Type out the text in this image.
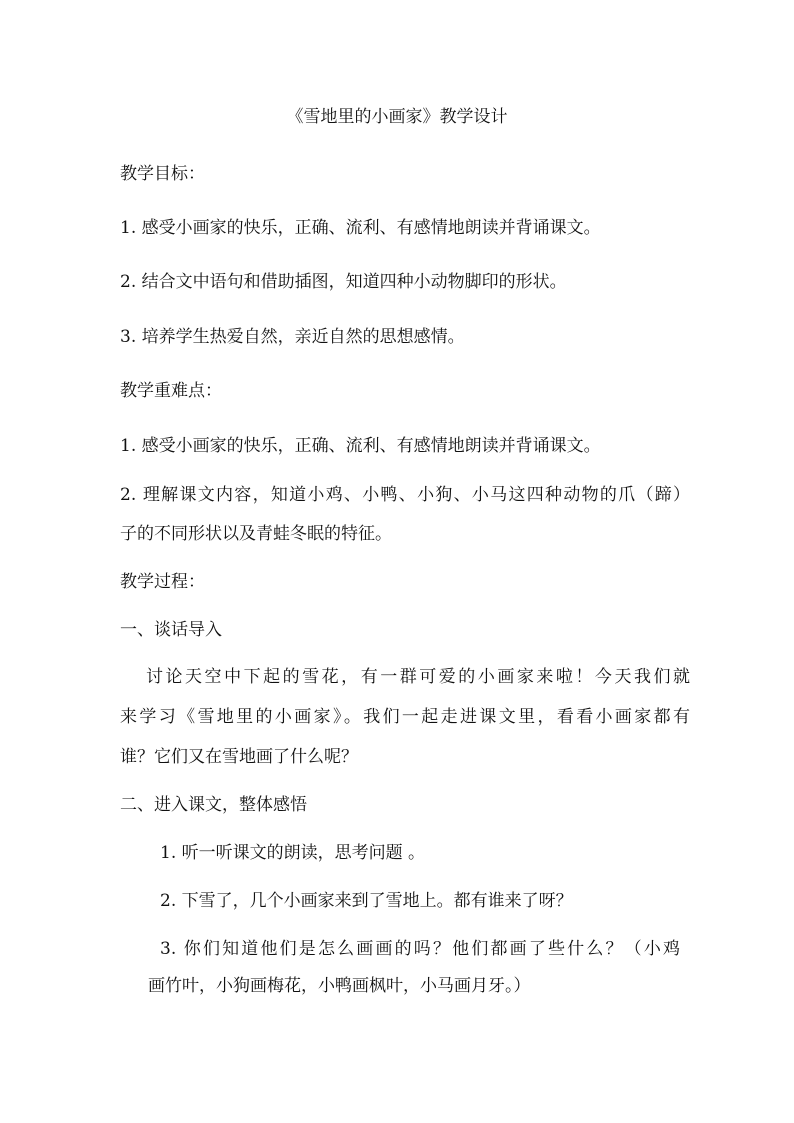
《雪地里的小画家》教学设计
教学目标：
1. 感受小画家的快乐，正确、流利、有感情地朗读并背诵课文。
2. 结合文中语句和借助插图，知道四种小动物脚印的形状。
3. 培养学生热爱自然，亲近自然的思想感情。
教学重难点：
1. 感受小画家的快乐，正确、流利、有感情地朗读并背诵课文。
2. 理解课文内容，知道小鸡、小鸭、小狗、小马这四种动物的爪（蹄）
子的不同形状以及青蛙冬眠的特征。
教学过程：
一、谈话导入
讨论天空中下起的雪花，有一群可爱的小画家来啦！今天我们就
来学习《雪地里的小画家》。我们一起走进课文里，看看小画家都有
谁？它们又在雪地画了什么呢？
二、进入课文，整体感悟
1. 听一听课文的朗读，思考问题 。
2. 下雪了，几个小画家来到了雪地上。都有谁来了呀？
3. 你们知道他们是怎么画画的吗？他们都画了些什么？（小鸡
画竹叶，小狗画梅花，小鸭画枫叶，小马画月牙。）
